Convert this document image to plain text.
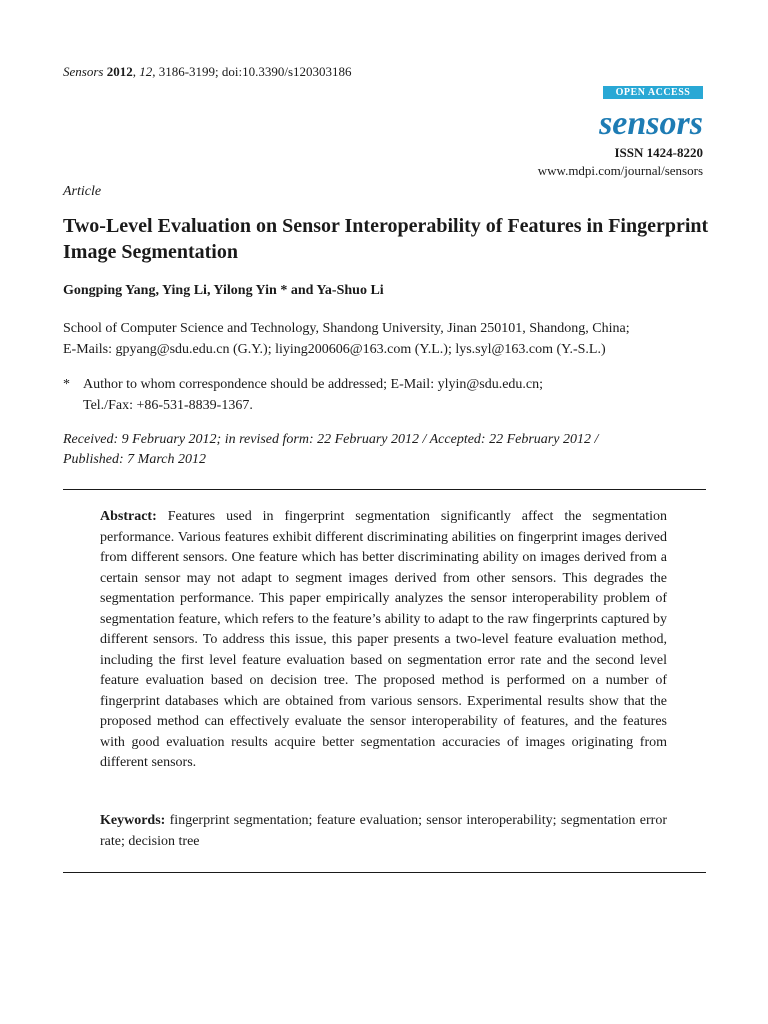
Sensors 2012, 12, 3186-3199; doi:10.3390/s120303186
OPEN ACCESS
sensors
ISSN 1424-8220
www.mdpi.com/journal/sensors
Article
Two-Level Evaluation on Sensor Interoperability of Features in Fingerprint Image Segmentation
Gongping Yang, Ying Li, Yilong Yin * and Ya-Shuo Li
School of Computer Science and Technology, Shandong University, Jinan 250101, Shandong, China;
E-Mails: gpyang@sdu.edu.cn (G.Y.); liying200606@163.com (Y.L.); lys.syl@163.com (Y.-S.L.)
* Author to whom correspondence should be addressed; E-Mail: ylyin@sdu.edu.cn;
Tel./Fax: +86-531-8839-1367.
Received: 9 February 2012; in revised form: 22 February 2012 / Accepted: 22 February 2012 /
Published: 7 March 2012
Abstract: Features used in fingerprint segmentation significantly affect the segmentation performance. Various features exhibit different discriminating abilities on fingerprint images derived from different sensors. One feature which has better discriminating ability on images derived from a certain sensor may not adapt to segment images derived from other sensors. This degrades the segmentation performance. This paper empirically analyzes the sensor interoperability problem of segmentation feature, which refers to the feature’s ability to adapt to the raw fingerprints captured by different sensors. To address this issue, this paper presents a two-level feature evaluation method, including the first level feature evaluation based on segmentation error rate and the second level feature evaluation based on decision tree. The proposed method is performed on a number of fingerprint databases which are obtained from various sensors. Experimental results show that the proposed method can effectively evaluate the sensor interoperability of features, and the features with good evaluation results acquire better segmentation accuracies of images originating from different sensors.
Keywords: fingerprint segmentation; feature evaluation; sensor interoperability; segmentation error rate; decision tree
